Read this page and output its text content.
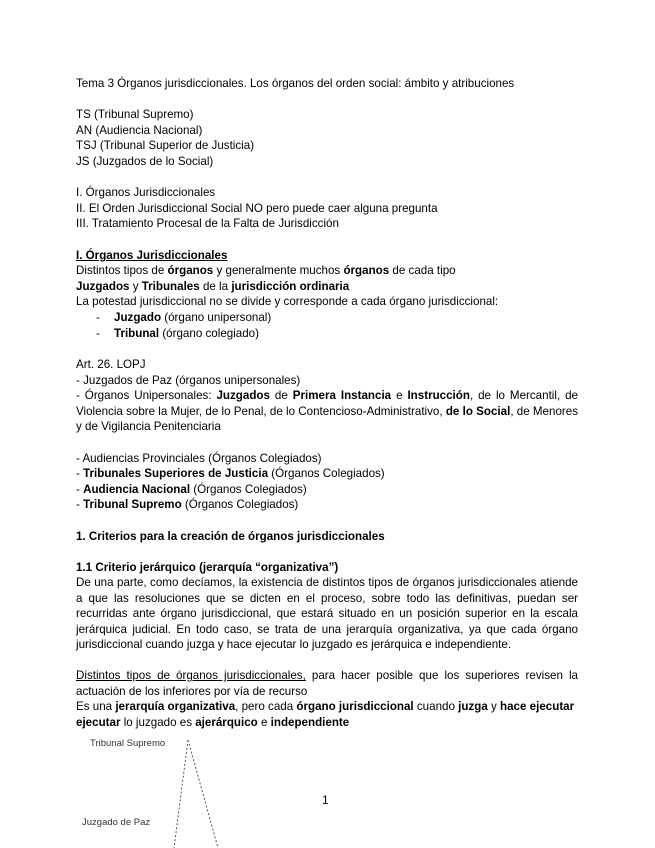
Tema 3 Órganos jurisdiccionales. Los órganos del orden social: ámbito y atribuciones
TS (Tribunal Supremo)
AN (Audiencia Nacional)
TSJ (Tribunal Superior de Justicia)
JS (Juzgados de lo Social)
I. Órganos Jurisdiccionales
II. El Orden Jurisdiccional Social NO pero puede caer alguna pregunta
III. Tratamiento Procesal de la Falta de Jurisdicción
I. Órganos Jurisdiccionales
Distintos tipos de órganos y generalmente muchos órganos de cada tipo
Juzgados y Tribunales de la jurisdicción ordinaria
La potestad jurisdiccional no se divide y corresponde a cada órgano jurisdiccional:
- Juzgado (órgano unipersonal)
- Tribunal (órgano colegiado)
Art. 26. LOPJ
- Juzgados de Paz (órganos unipersonales)
- Órganos Unipersonales: Juzgados de Primera Instancia e Instrucción, de lo Mercantil, de Violencia sobre la Mujer, de lo Penal, de lo Contencioso-Administrativo, de lo Social, de Menores y de Vigilancia Penitenciaria
- Audiencias Provinciales (Órganos Colegiados)
- Tribunales Superiores de Justicia (Órganos Colegiados)
- Audiencia Nacional (Órganos Colegiados)
- Tribunal Supremo (Órganos Colegiados)
1. Criterios para la creación de órganos jurisdiccionales
1.1 Criterio jerárquico (jerarquía “organizativa”)
De una parte, como decíamos, la existencia de distintos tipos de órganos jurisdiccionales atiende a que las resoluciones que se dicten en el proceso, sobre todo las definitivas, puedan ser recurridas ante órgano jurisdiccional, que estará situado en un posición superior en la escala jerárquica judicial. En todo caso, se trata de una jerarquía organizativa, ya que cada órgano jurisdiccional cuando juzga y hace ejecutar lo juzgado es jerárquica e independiente.
Distintos tipos de órganos jurisdiccionales, para hacer posible que los superiores revisen la actuación de los inferiores por vía de recurso
Es una jerarquía organizativa, pero cada órgano jurisdiccional cuando juzga y hace ejecutar
ejecutar lo juzgado es ajerárquico e independiente
Tribunal Supremo
Juzgado de Paz
1
